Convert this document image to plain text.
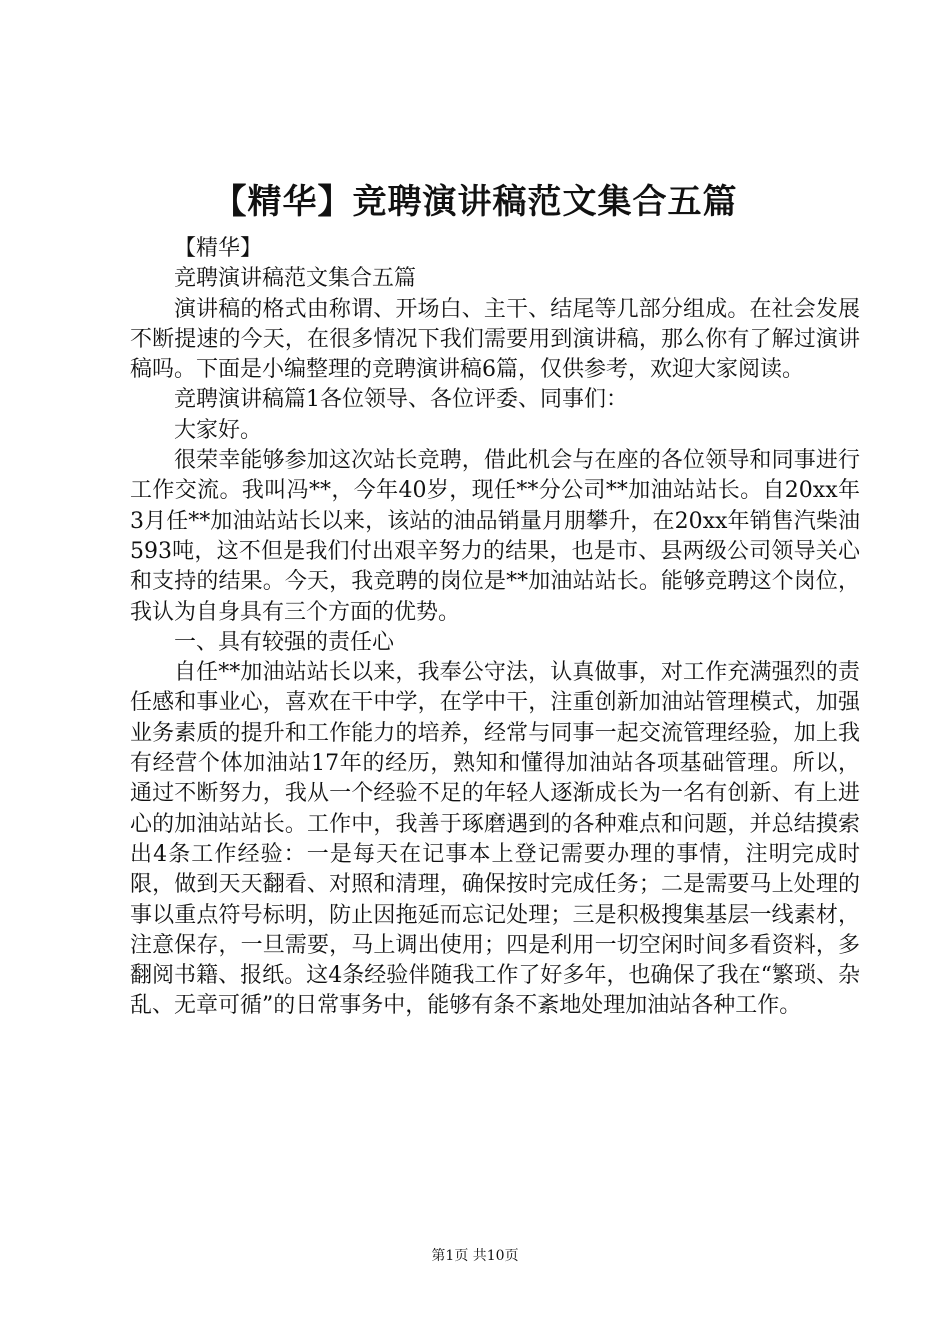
【精华】竞聘演讲稿范文集合五篇

【精华】

竞聘演讲稿范文集合五篇

演讲稿的格式由称谓、开场白、主干、结尾等几部分组成。在社会发展不断提速的今天，在很多情况下我们需要用到演讲稿，那么你有了解过演讲稿吗。下面是小编整理的竞聘演讲稿6篇，仅供参考，欢迎大家阅读。

竞聘演讲稿篇1各位领导、各位评委、同事们：

大家好。

很荣幸能够参加这次站长竞聘，借此机会与在座的各位领导和同事进行工作交流。我叫冯**，今年40岁，现任**分公司**加油站站长。自20xx年3月任**加油站站长以来，该站的油品销量月朋攀升，在20xx年销售汽柴油593吨，这不但是我们付出艰辛努力的结果，也是市、县两级公司领导关心和支持的结果。今天，我竞聘的岗位是**加油站站长。能够竞聘这个岗位，我认为自身具有三个方面的优势。

一、具有较强的责任心

自任**加油站站长以来，我奉公守法，认真做事，对工作充满强烈的责任感和事业心，喜欢在干中学，在学中干，注重创新加油站管理模式，加强业务素质的提升和工作能力的培养，经常与同事一起交流管理经验，加上我有经营个体加油站17年的经历，熟知和懂得加油站各项基础管理。所以，通过不断努力，我从一个经验不足的年轻人逐渐成长为一名有创新、有上进心的加油站站长。工作中，我善于琢磨遇到的各种难点和问题，并总结摸索出4条工作经验：一是每天在记事本上登记需要办理的事情，注明完成时限，做到天天翻看、对照和清理，确保按时完成任务；二是需要马上处理的事以重点符号标明，防止因拖延而忘记处理；三是积极搜集基层一线素材，注意保存，一旦需要，马上调出使用；四是利用一切空闲时间多看资料，多翻阅书籍、报纸。这4条经验伴随我工作了好多年，也确保了我在“繁琐、杂乱、无章可循”的日常事务中，能够有条不紊地处理加油站各种工作。

第1页 共10页
